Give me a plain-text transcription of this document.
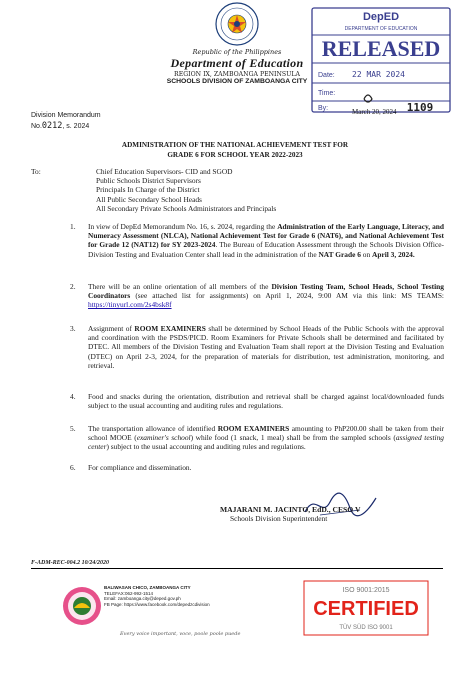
Republic of the Philippines
Department of Education
REGION IX, ZAMBOANGA PENINSULA
SCHOOLS DIVISION OF ZAMBOANGA CITY
DepED
DEPARTMENT OF EDUCATION
RELEASED
Date: 22 MAR 2024
Time:
By:	1109
March 20, 2024
Division Memorandum
No.0212, s. 2024
ADMINISTRATION OF THE NATIONAL ACHIEVEMENT TEST FOR
GRADE 6 FOR SCHOOL YEAR 2022-2023
To:	Chief Education Supervisors- CID and SGOD
Public Schools District Supervisors
Principals In Charge of the District
All Public Secondary School Heads
All Secondary Private Schools Administrators and Principals
1. In view of DepEd Memorandum No. 16, s. 2024, regarding the Administration of the Early Language, Literacy, and Numeracy Assessment (NLCA), National Achievement Test for Grade 6 (NAT6), and National Achievement Test for Grade 12 (NAT12) for SY 2023-2024. The Bureau of Education Assessment through the Schools Division Office- Division Testing and Evaluation Center shall lead in the administration of the NAT Grade 6 on April 3, 2024.
2. There will be an online orientation of all members of the Division Testing Team, School Heads, School Testing Coordinators (see attached list for assignments) on April 1, 2024, 9:00 AM via this link: MS TEAMS: https://tinyurl.com/2s4bsk8f
3. Assignment of ROOM EXAMINERS shall be determined by School Heads of the Public Schools with the approval and coordination with the PSDS/PICD. Room Examiners for Private Schools shall be determined and facilitated by DTEC. All members of the Division Testing and Evaluation Team shall report at the Division Testing and Evaluation (DTEC) on April 2-3, 2024, for the preparation of materials for distribution, test administration, monitoring, and retrieval.
4. Food and snacks during the orientation, distribution and retrieval shall be charged against local/downloaded funds subject to the usual accounting and auditing rules and regulations.
5. The transportation allowance of identified ROOM EXAMINERS amounting to PhP200.00 shall be taken from their school MOOE (examiner's school) while food (1 snack, 1 meal) shall be from the sampled schools (assigned testing center) subject to the usual accounting and auditing rules and regulations.
6. For compliance and dissemination.
MAJARANI M. JACINTO, EdD., CESO V
Schools Division Superintendent
F-ADM-REC-004.2 10/24/2020
BALIWASAN CHICO, ZAMBOANGA CITY
TELEFAX:062-992-1514
Email: zamboanga.city@deped.gov.ph
FB Page: https://www.facebook.com/depedzcdivision
Every voice important, voce, poole poole puede
ISO 9001:2015
CERTIFIED
TÜV SÜD ISO 9001
